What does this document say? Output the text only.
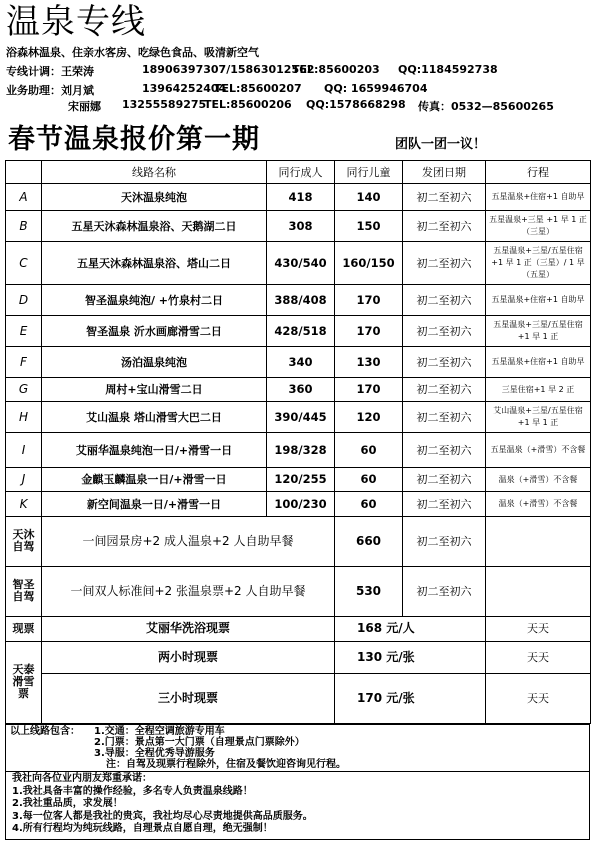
温泉专线
浴森林温泉、住亲水客房、吃绿色食品、吸清新空气
专线计调：王荣涛	18906397307/15863012562
TEL:85600203 QQ:1184592738
业务助理：刘月斌	13964252404
TEL:85600207 QQ: 1659946704
宋丽娜 13255589275
TEL:85600206 QQ:1578668298 传真：0532—85600265
春节温泉报价第一期	团队一团一议！
	线路名称	同行成人	同行儿童	发团日期	行程
A	天沐温泉纯泡	418	140	初二至初六	五星温泉+住宿+1 自助早
B	五星天沐森林温泉浴、天鹅湖二日	308	150	初二至初六	五星温泉+三星 +1 早 1 正（三星）
C	五星天沐森林温泉浴、塔山二日	430/540	160/150	初二至初六	五星温泉+三星/五星住宿+1 早 1 正（三星）/ 1 早（五星）
D	智圣温泉纯泡/ +竹泉村二日	388/408	170	初二至初六	五星温泉+住宿+1 自助早
E	智圣温泉 沂水画廊滑雪二日	428/518	170	初二至初六	五星温泉+三星/五星住宿+1 早 1 正
F	汤泊温泉纯泡	340	130	初二至初六	五星温泉+住宿+1 自助早
G	周村+宝山滑雪二日	360	170	初二至初六	三星住宿+1 早 2 正
H	艾山温泉 塔山滑雪大巴二日	390/445	120	初二至初六	艾山温泉+三星/五星住宿+1 早 1 正
I	艾丽华温泉纯泡一日/+滑雪一日	198/328	60	初二至初六	五星温泉（+滑雪）不含餐
J	金麒玉麟温泉一日/+滑雪一日	120/255	60	初二至初六	温泉（+滑雪）不含餐
K	新空间温泉一日/+滑雪一日	100/230	60	初二至初六	温泉（+滑雪）不含餐
天沐自驾	一间园景房+2 成人温泉+2 人自助早餐		660	初二至初六	
智圣自驾	一间双人标准间+2 张温泉票+2 人自助早餐		530	初二至初六	
现票	艾丽华洗浴现票		168 元/人		天天
天泰滑雪票	两小时现票		130 元/张		天天
	三小时现票		170 元/张		天天
以上线路包含： 1.交通：全程空调旅游专用车
2.门票：景点第一大门票（自理景点门票除外）
3.导服：全程优秀导游服务
注：自驾及现票行程除外，住宿及餐饮迎咨询见行程。
我社向各位业内朋友郑重承诺：
1.我社具备丰富的操作经验，多名专人负责温泉线路！
2.我社重品质，求发展！
3.每一位客人都是我社的贵宾，我社均尽心尽责地提供高品质服务。
4.所有行程均为纯玩线路，自理景点自愿自理，绝无强制！
